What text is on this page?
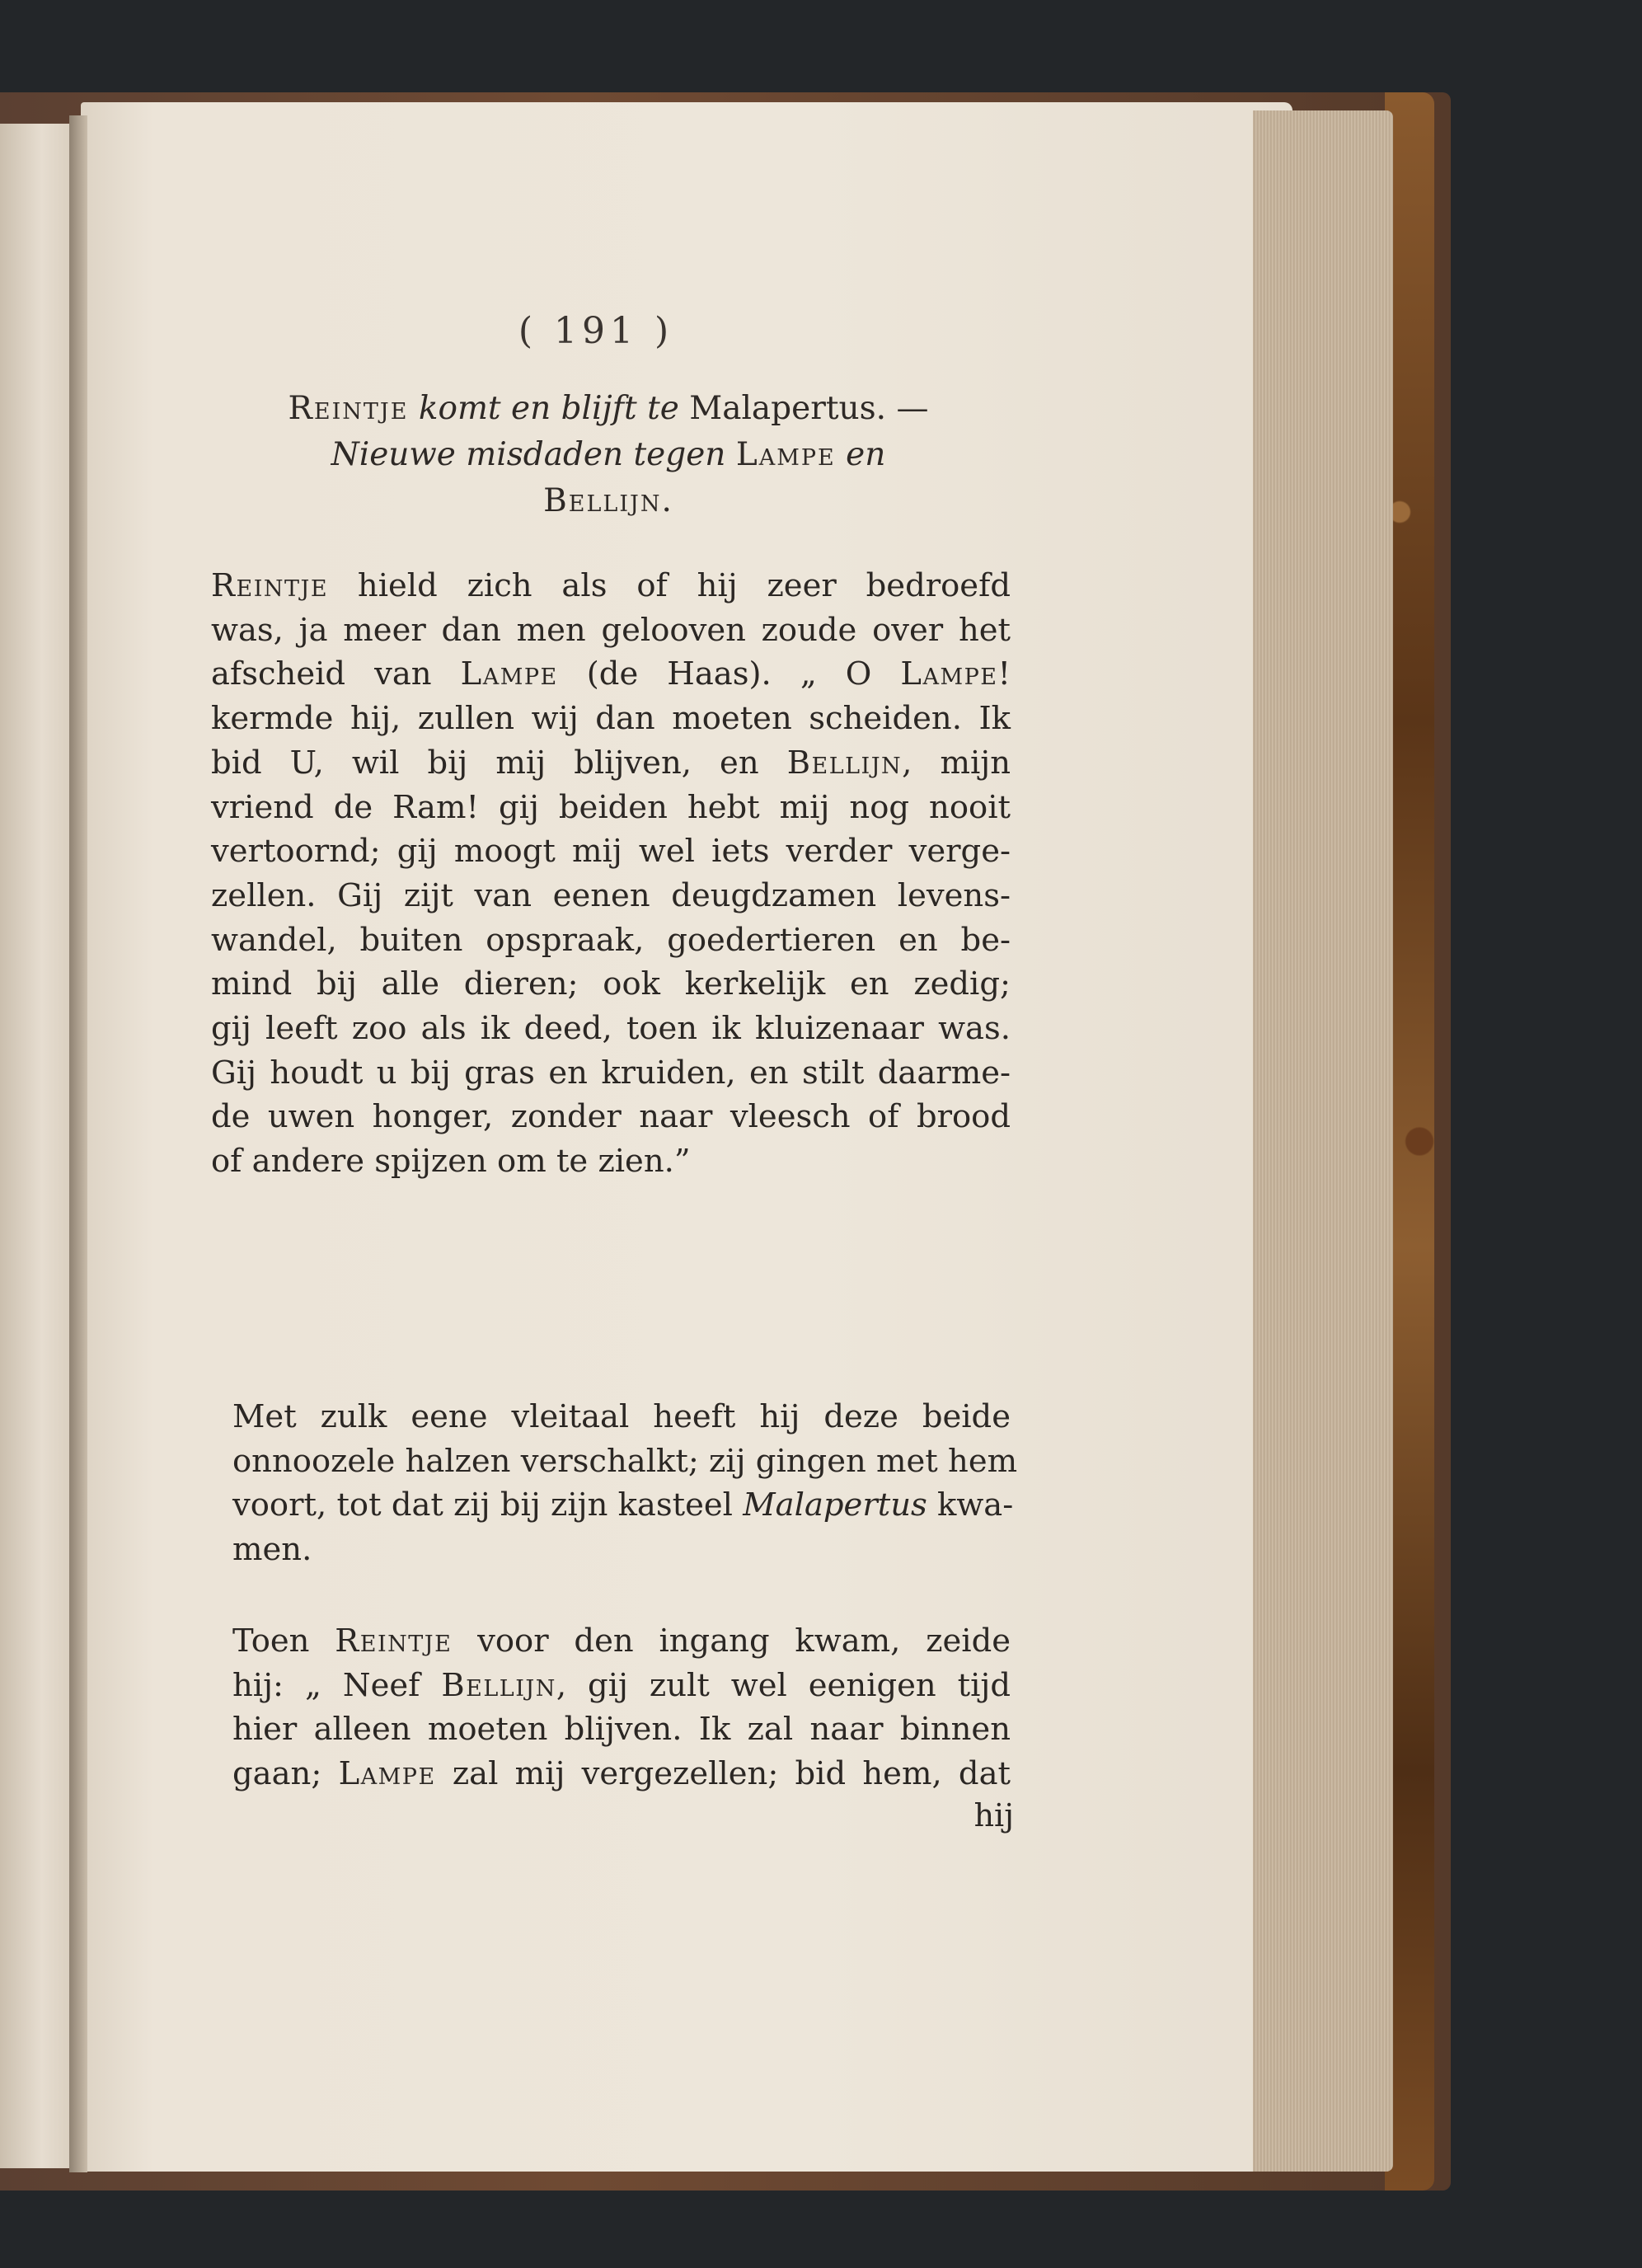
( 191 )
Reintje komt en blijft te Malapertus. —
Nieuwe misdaden tegen Lampe en
Bellijn.
Reintje hield zich als of hij zeer bedroefd
was, ja meer dan men gelooven zoude over het
afscheid van Lampe (de Haas). „ O Lampe!
kermde hij, zullen wij dan moeten scheiden. Ik
bid U, wil bij mij blijven, en Bellijn, mijn
vriend de Ram! gij beiden hebt mij nog nooit
vertoornd; gij moogt mij wel iets verder verge-
zellen. Gij zijt van eenen deugdzamen levens-
wandel, buiten opspraak, goedertieren en be-
mind bij alle dieren; ook kerkelijk en zedig;
gij leeft zoo als ik deed, toen ik kluizenaar was.
Gij houdt u bij gras en kruiden, en stilt daarme-
de uwen honger, zonder naar vleesch of brood
of andere spijzen om te zien.”
Met zulk eene vleitaal heeft hij deze beide
onnoozele halzen verschalkt; zij gingen met hem
voort, tot dat zij bij zijn kasteel Malapertus kwa-
men.
Toen Reintje voor den ingang kwam, zeide
hij: „ Neef Bellijn, gij zult wel eenigen tijd
hier alleen moeten blijven. Ik zal naar binnen
gaan; Lampe zal mij vergezellen; bid hem, dat
hij
